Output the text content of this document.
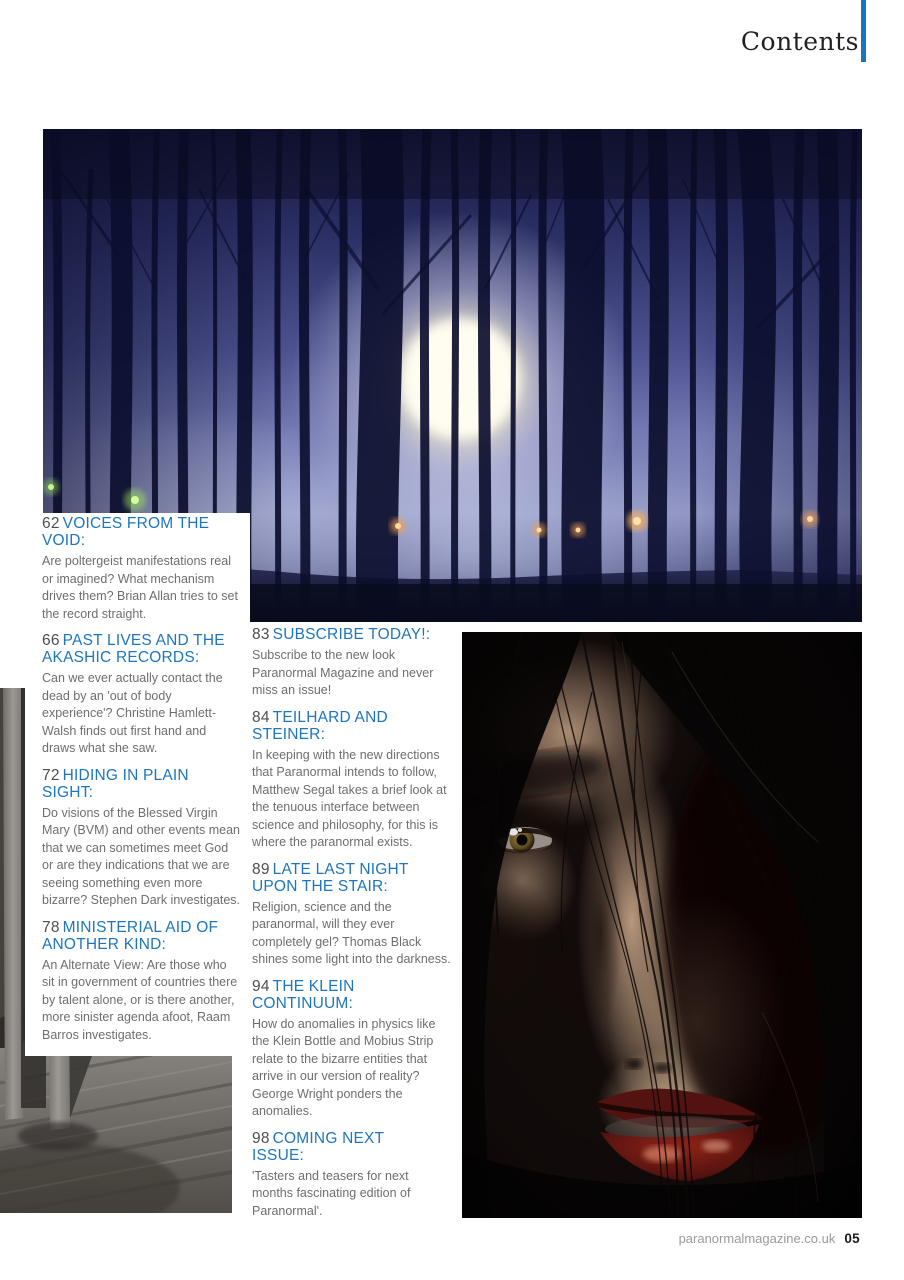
Contents
62 VOICES FROM THE VOID:

Are poltergeist manifestations real or imagined? What mechanism drives them? Brian Allan tries to set the record straight.

66 PAST LIVES AND THE AKASHIC RECORDS:

Can we ever actually contact the dead by an 'out of body experience'? Christine Hamlett-Walsh finds out first hand and draws what she saw.

72 HIDING IN PLAIN SIGHT:

Do visions of the Blessed Virgin Mary (BVM) and other events mean that we can sometimes meet God or are they indications that we are seeing something even more bizarre? Stephen Dark investigates.

78 MINISTERIAL AID OF ANOTHER KIND:

An Alternate View: Are those who sit in government of countries there by talent alone, or is there another, more sinister agenda afoot, Raam Barros investigates.

83 SUBSCRIBE TODAY!:

Subscribe to the new look Paranormal Magazine and never miss an issue!

84 TEILHARD AND STEINER:

In keeping with the new directions that Paranormal intends to follow, Matthew Segal takes a brief look at the tenuous interface between science and philosophy, for this is where the paranormal exists.

89 LATE LAST NIGHT UPON THE STAIR:

Religion, science and the paranormal, will they ever completely gel? Thomas Black shines some light into the darkness.

94 THE KLEIN CONTINUUM:

How do anomalies in physics like the Klein Bottle and Mobius Strip relate to the bizarre entities that arrive in our version of reality? George Wright ponders the anomalies.

98 COMING NEXT ISSUE:

'Tasters and teasers for next months fascinating edition of Paranormal'.

paranormalmagazine.co.uk 05
